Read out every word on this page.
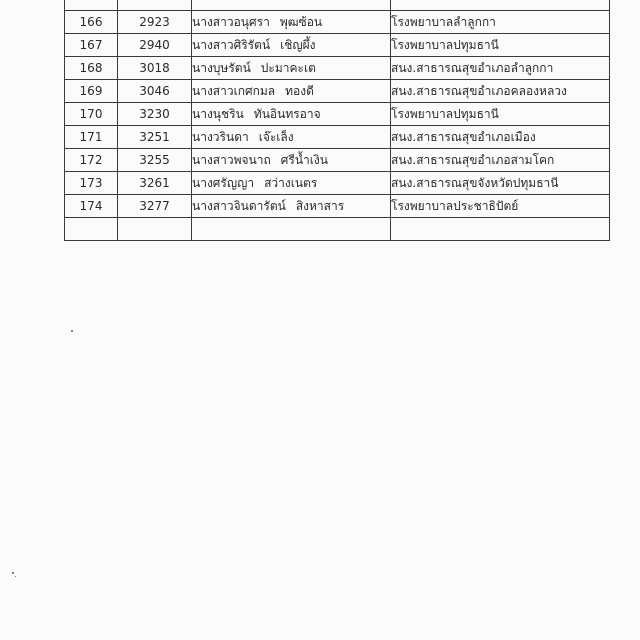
166	2923	นางสาวอนุศรา พุฒซ้อน	โรงพยาบาลลำลูกกา
167	2940	นางสาวศิริรัตน์ เชิญผึ้ง	โรงพยาบาลปทุมธานี
168	3018	นางบุษรัตน์ ปะมาคะเต	สนง.สาธารณสุขอำเภอลำลูกกา
169	3046	นางสาวเกศกมล ทองดี	สนง.สาธารณสุขอำเภอคลองหลวง
170	3230	นางนุชริน ทันอินทรอาจ	โรงพยาบาลปทุมธานี
171	3251	นางวรินดา เจ๊ะเล็ง	สนง.สาธารณสุขอำเภอเมือง
172	3255	นางสาวพจนาถ ศรีน้ำเงิน	สนง.สาธารณสุขอำเภอสามโคก
173	3261	นางศรัญญา สว่างเนตร	สนง.สาธารณสุขจังหวัดปทุมธานี
174	3277	นางสาวจินดารัตน์ สิงหาสาร	โรงพยาบาลประชาธิปัตย์
